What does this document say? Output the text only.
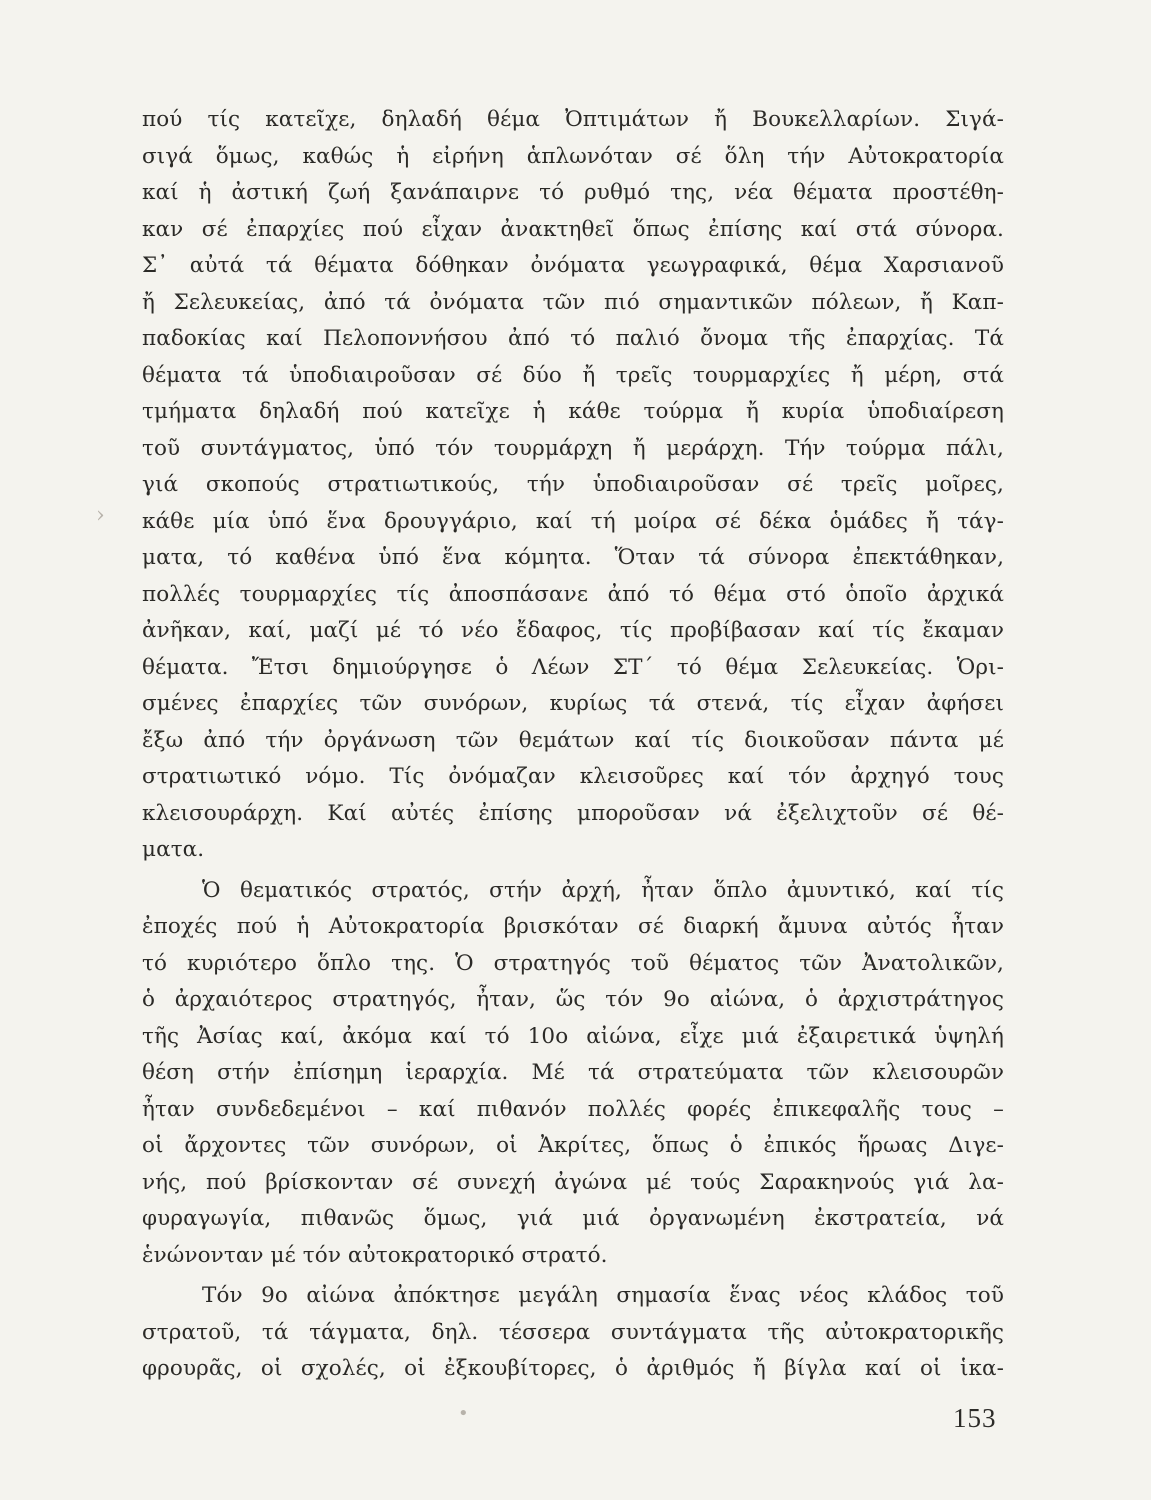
πού τίς κατεῖχε, δηλαδή θέμα Ὀπτιμάτων ἤ Βουκελλαρίων. Σιγά-
σιγά ὅμως, καθώς ἡ εἰρήνη ἁπλωνόταν σέ ὅλη τήν Αὐτοκρατορία
καί ἡ ἀστική ζωή ξανάπαιρνε τό ρυθμό της, νέα θέματα προστέθη-
καν σέ ἐπαρχίες πού εἶχαν ἀνακτηθεῖ ὅπως ἐπίσης καί στά σύνορα.
Σ᾽ αὐτά τά θέματα δόθηκαν ὀνόματα γεωγραφικά, θέμα Χαρσιανοῦ
ἤ Σελευκείας, ἀπό τά ὀνόματα τῶν πιό σημαντικῶν πόλεων, ἤ Καπ-
παδοκίας καί Πελοποννήσου ἀπό τό παλιό ὄνομα τῆς ἐπαρχίας. Τά
θέματα τά ὑποδιαιροῦσαν σέ δύο ἤ τρεῖς τουρμαρχίες ἤ μέρη, στά
τμήματα δηλαδή πού κατεῖχε ἡ κάθε τούρμα ἤ κυρία ὑποδιαίρεση
τοῦ συντάγματος, ὑπό τόν τουρμάρχη ἤ μεράρχη. Τήν τούρμα πάλι,
γιά σκοπούς στρατιωτικούς, τήν ὑποδιαιροῦσαν σέ τρεῖς μοῖρες,
κάθε μία ὑπό ἕνα δρουγγάριο, καί τή μοίρα σέ δέκα ὁμάδες ἤ τάγ-
ματα, τό καθένα ὑπό ἕνα κόμητα. Ὅταν τά σύνορα ἐπεκτάθηκαν,
πολλές τουρμαρχίες τίς ἀποσπάσανε ἀπό τό θέμα στό ὁποῖο ἀρχικά
ἀνῆκαν, καί, μαζί μέ τό νέο ἔδαφος, τίς προβίβασαν καί τίς ἔκαμαν
θέματα. Ἔτσι δημιούργησε ὁ Λέων ΣΤ΄ τό θέμα Σελευκείας. Ὁρι-
σμένες ἐπαρχίες τῶν συνόρων, κυρίως τά στενά, τίς εἶχαν ἀφήσει
ἔξω ἀπό τήν ὀργάνωση τῶν θεμάτων καί τίς διοικοῦσαν πάντα μέ
στρατιωτικό νόμο. Τίς ὀνόμαζαν κλεισοῦρες καί τόν ἀρχηγό τους
κλεισουράρχη. Καί αὐτές ἐπίσης μποροῦσαν νά ἐξελιχτοῦν σέ θέ-
ματα.
Ὁ θεματικός στρατός, στήν ἀρχή, ἦταν ὅπλο ἀμυντικό, καί τίς
ἐποχές πού ἡ Αὐτοκρατορία βρισκόταν σέ διαρκή ἄμυνα αὐτός ἦταν
τό κυριότερο ὅπλο της. Ὁ στρατηγός τοῦ θέματος τῶν Ἀνατολικῶν,
ὁ ἀρχαιότερος στρατηγός, ἦταν, ὥς τόν 9ο αἰώνα, ὁ ἀρχιστράτηγος
τῆς Ἀσίας καί, ἀκόμα καί τό 10ο αἰώνα, εἶχε μιά ἐξαιρετικά ὑψηλή
θέση στήν ἐπίσημη ἱεραρχία. Μέ τά στρατεύματα τῶν κλεισουρῶν
ἦταν συνδεδεμένοι – καί πιθανόν πολλές φορές ἐπικεφαλῆς τους –
οἱ ἄρχοντες τῶν συνόρων, οἱ Ἀκρίτες, ὅπως ὁ ἐπικός ἥρωας Διγε-
νής, πού βρίσκονταν σέ συνεχή ἀγώνα μέ τούς Σαρακηνούς γιά λα-
φυραγωγία, πιθανῶς ὅμως, γιά μιά ὀργανωμένη ἐκστρατεία, νά
ἑνώνονταν μέ τόν αὐτοκρατορικό στρατό.
Τόν 9ο αἰώνα ἀπόκτησε μεγάλη σημασία ἕνας νέος κλάδος τοῦ
στρατοῦ, τά τάγματα, δηλ. τέσσερα συντάγματα τῆς αὐτοκρατορικῆς
φρουρᾶς, οἱ σχολές, οἱ ἐξκουβίτορες, ὁ ἀριθμός ἤ βίγλα καί οἱ ἱκα-
›
•	153
